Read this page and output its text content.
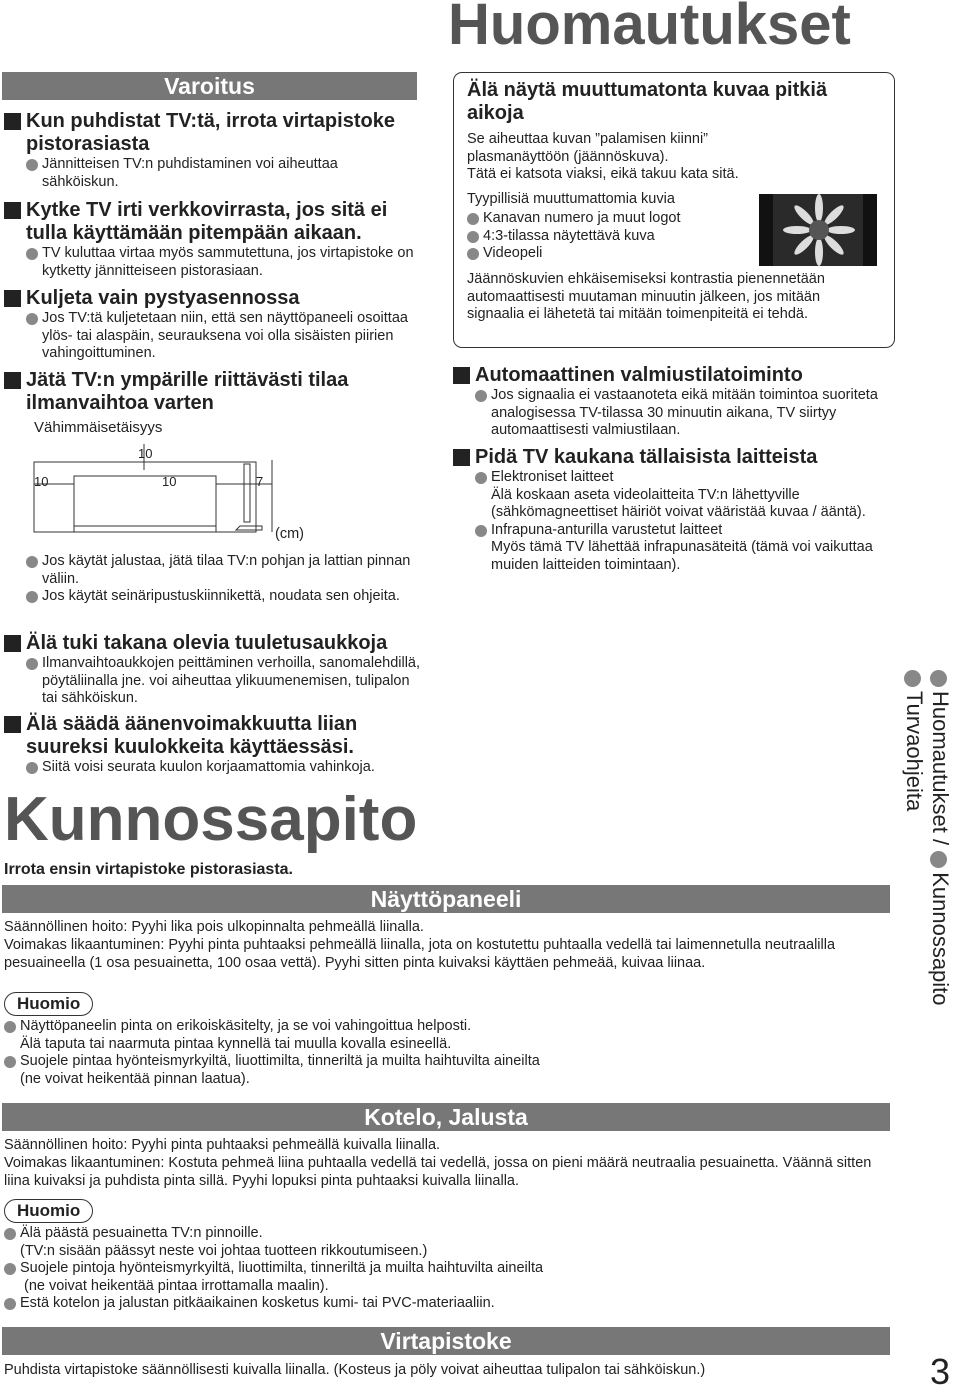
Huomautukset
Varoitus
Kun puhdistat TV:tä, irrota virtapistoke pistorasiasta
Jännitteisen TV:n puhdistaminen voi aiheuttaa sähköiskun.
Kytke TV irti verkkovirrasta, jos sitä ei tulla käyttämään pitempään aikaan.
TV kuluttaa virtaa myös sammutettuna, jos virtapistoke on kytketty jännitteiseen pistorasiaan.
Kuljeta vain pystyasennossa
Jos TV:tä kuljetetaan niin, että sen näyttöpaneeli osoittaa ylös- tai alaspäin, seurauksena voi olla sisäisten piirien vahingoittuminen.
Jätä TV:n ympärille riittävästi tilaa ilmanvaihtoa varten
Vähimmäisetäisyys
10
10	10	7
(cm)
Jos käytät jalustaa, jätä tilaa TV:n pohjan ja lattian pinnan väliin.
Jos käytät seinäripustuskiinnikettä, noudata sen ohjeita.
Älä tuki takana olevia tuuletusaukkoja
Ilmanvaihtoaukkojen peittäminen verhoilla, sanomalehdillä, pöytäliinalla jne. voi aiheuttaa ylikuumenemisen, tulipalon tai sähköiskun.
Älä säädä äänenvoimakkuutta liian suureksi kuulokkeita käyttäessäsi.
Siitä voisi seurata kuulon korjaamattomia vahinkoja.
Älä näytä muuttumatonta kuvaa pitkiä aikoja
Se aiheuttaa kuvan ”palamisen kiinni” plasmanäyttöön (jäännöskuva).
Tätä ei katsota viaksi, eikä takuu kata sitä.
Tyypillisiä muuttumattomia kuvia
Kanavan numero ja muut logot
4:3-tilassa näytettävä kuva
Videopeli
Jäännöskuvien ehkäisemiseksi kontrastia pienennetään automaattisesti muutaman minuutin jälkeen, jos mitään signaalia ei lähetetä tai mitään toimenpiteitä ei tehdä.
Automaattinen valmiustilatoiminto
Jos signaalia ei vastaanoteta eikä mitään toimintoa suoriteta analogisessa TV-tilassa 30 minuutin aikana, TV siirtyy automaattisesti valmiustilaan.
Pidä TV kaukana tällaisista laitteista
Elektroniset laitteet
Älä koskaan aseta videolaitteita TV:n lähettyville (sähkömagneettiset häiriöt voivat vääristää kuvaa / ääntä).
Infrapuna-anturilla varustetut laitteet
Myös tämä TV lähettää infrapunasäteitä (tämä voi vaikuttaa muiden laitteiden toimintaan).
Kunnossapito
Irrota ensin virtapistoke pistorasiasta.
Näyttöpaneeli
Säännöllinen hoito: Pyyhi lika pois ulkopinnalta pehmeällä liinalla.
Voimakas likaantuminen: Pyyhi pinta puhtaaksi pehmeällä liinalla, jota on kostutettu puhtaalla vedellä tai laimennetulla neutraalilla pesuaineella (1 osa pesuainetta, 100 osaa vettä). Pyyhi sitten pinta kuivaksi käyttäen pehmeää, kuivaa liinaa.
Huomio
Näyttöpaneelin pinta on erikoiskäsitelty, ja se voi vahingoittua helposti.
Älä taputa tai naarmuta pintaa kynnellä tai muulla kovalla esineellä.
Suojele pintaa hyönteismyrkyiltä, liuottimilta, tinneriltä ja muilta haihtuvilta aineilta
(ne voivat heikentää pinnan laatua).
Kotelo, Jalusta
Säännöllinen hoito: Pyyhi pinta puhtaaksi pehmeällä kuivalla liinalla.
Voimakas likaantuminen: Kostuta pehmeä liina puhtaalla vedellä tai vedellä, jossa on pieni määrä neutraalia pesuainetta. Väännä sitten liina kuivaksi ja puhdista pinta sillä. Pyyhi lopuksi pinta puhtaaksi kuivalla liinalla.
Huomio
Älä päästä pesuainetta TV:n pinnoille.
(TV:n sisään päässyt neste voi johtaa tuotteen rikkoutumiseen.)
Suojele pintoja hyönteismyrkyiltä, liuottimilta, tinneriltä ja muilta haihtuvilta aineilta
(ne voivat heikentää pintaa irrottamalla maalin).
Estä kotelon ja jalustan pitkäaikainen kosketus kumi- tai PVC-materiaaliin.
Virtapistoke
Puhdista virtapistoke säännöllisesti kuivalla liinalla. (Kosteus ja pöly voivat aiheuttaa tulipalon tai sähköiskun.)
Huomautukset / Kunnossapito
Turvaohjeita
3
